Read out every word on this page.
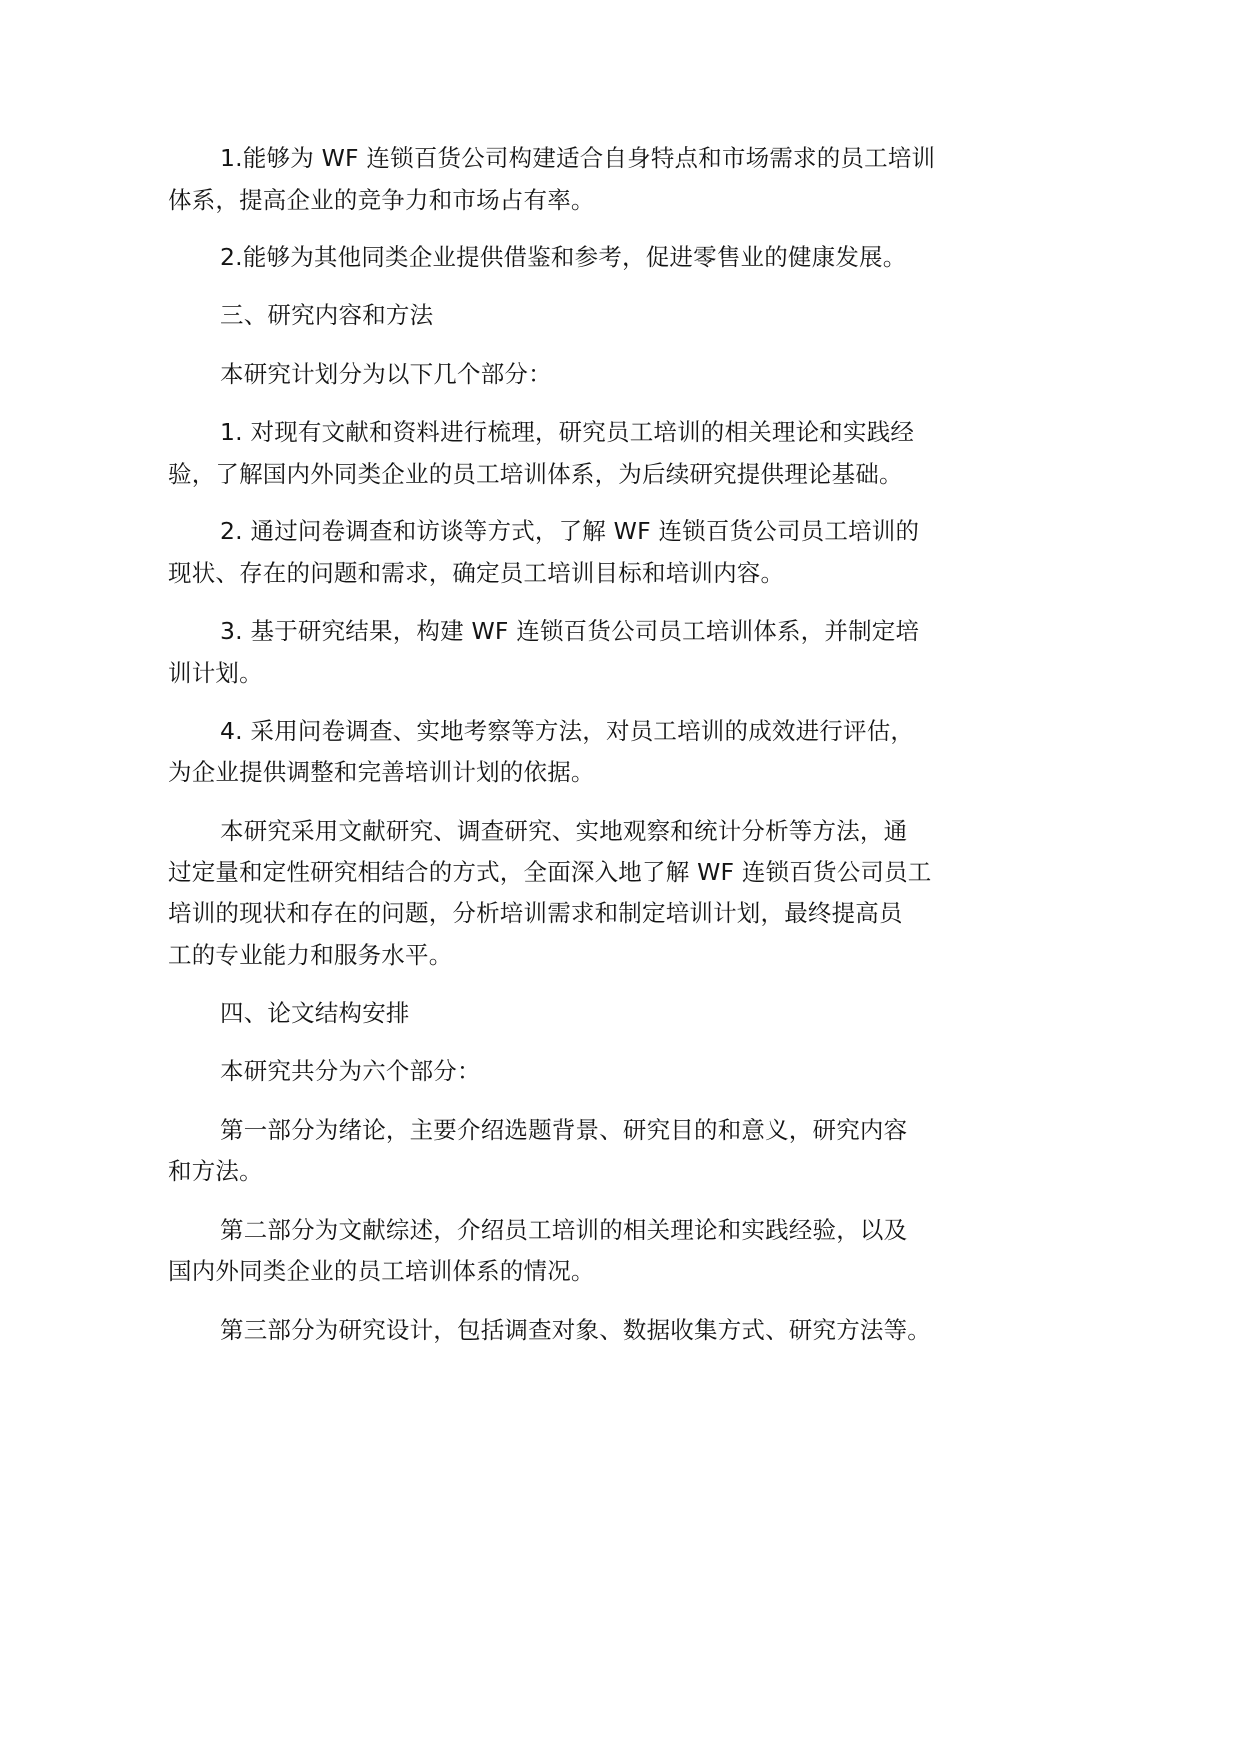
1.能够为 WF 连锁百货公司构建适合自身特点和市场需求的员工培训
体系，提高企业的竞争力和市场占有率。
2.能够为其他同类企业提供借鉴和参考，促进零售业的健康发展。
三、研究内容和方法
本研究计划分为以下几个部分：
1. 对现有文献和资料进行梳理，研究员工培训的相关理论和实践经
验，了解国内外同类企业的员工培训体系，为后续研究提供理论基础。
2. 通过问卷调查和访谈等方式，了解 WF 连锁百货公司员工培训的
现状、存在的问题和需求，确定员工培训目标和培训内容。
3. 基于研究结果，构建 WF 连锁百货公司员工培训体系，并制定培
训计划。
4. 采用问卷调查、实地考察等方法，对员工培训的成效进行评估，
为企业提供调整和完善培训计划的依据。
本研究采用文献研究、调查研究、实地观察和统计分析等方法，通
过定量和定性研究相结合的方式，全面深入地了解 WF 连锁百货公司员工
培训的现状和存在的问题，分析培训需求和制定培训计划，最终提高员
工的专业能力和服务水平。
四、论文结构安排
本研究共分为六个部分：
第一部分为绪论，主要介绍选题背景、研究目的和意义，研究内容
和方法。
第二部分为文献综述，介绍员工培训的相关理论和实践经验，以及
国内外同类企业的员工培训体系的情况。
第三部分为研究设计，包括调查对象、数据收集方式、研究方法等。
